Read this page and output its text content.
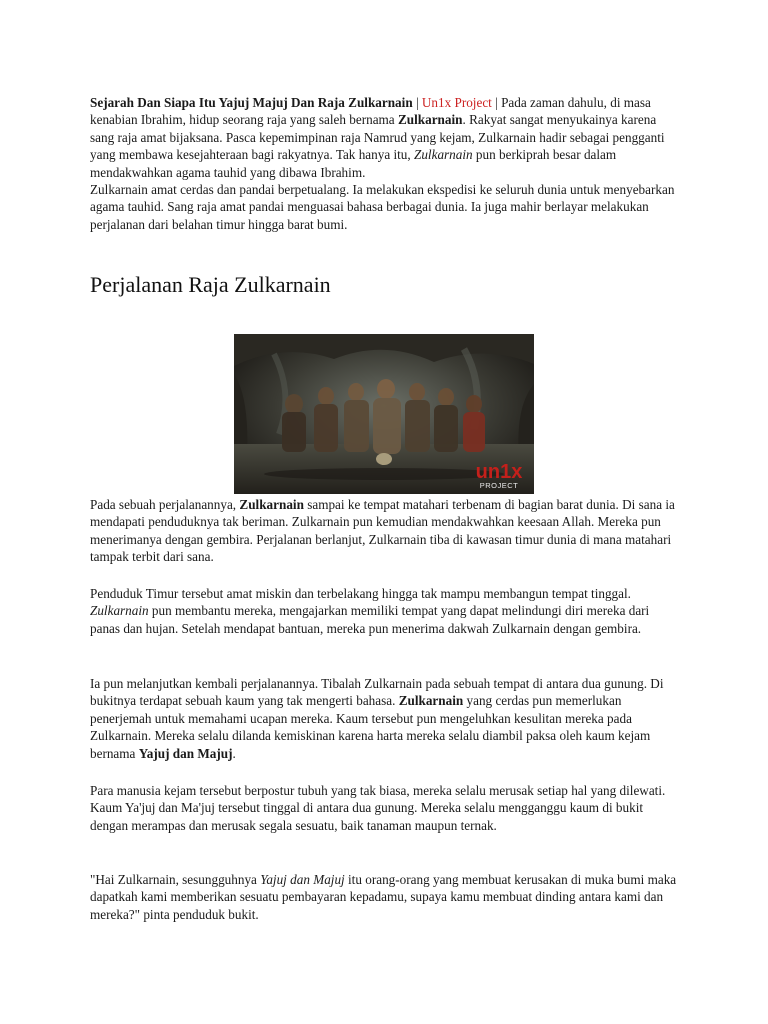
Sejarah Dan Siapa Itu Yajuj Majuj Dan Raja Zulkarnain | Un1x Project | Pada zaman dahulu, di masa kenabian Ibrahim, hidup seorang raja yang saleh bernama Zulkarnain. Rakyat sangat menyukainya karena sang raja amat bijaksana. Pasca kepemimpinan raja Namrud yang kejam, Zulkarnain hadir sebagai pengganti yang membawa kesejahteraan bagi rakyatnya. Tak hanya itu, Zulkarnain pun berkiprah besar dalam mendakwahkan agama tauhid yang dibawa Ibrahim.

Zulkarnain amat cerdas dan pandai berpetualang. Ia melakukan ekspedisi ke seluruh dunia untuk menyebarkan agama tauhid. Sang raja amat pandai menguasai bahasa berbagai dunia. Ia juga mahir berlayar melakukan perjalanan dari belahan timur hingga barat bumi.

Perjalanan Raja Zulkarnain
un1x
PROJECT

Pada sebuah perjalanannya, Zulkarnain sampai ke tempat matahari terbenam di bagian barat dunia. Di sana ia mendapati penduduknya tak beriman. Zulkarnain pun kemudian mendakwahkan keesaan Allah. Mereka pun menerimanya dengan gembira. Perjalanan berlanjut, Zulkarnain tiba di kawasan timur dunia di mana matahari tampak terbit dari sana.

Penduduk Timur tersebut amat miskin dan terbelakang hingga tak mampu membangun tempat tinggal. Zulkarnain pun membantu mereka, mengajarkan memiliki tempat yang dapat melindungi diri mereka dari panas dan hujan. Setelah mendapat bantuan, mereka pun menerima dakwah Zulkarnain dengan gembira.

Ia pun melanjutkan kembali perjalanannya. Tibalah Zulkarnain pada sebuah tempat di antara dua gunung. Di bukitnya terdapat sebuah kaum yang tak mengerti bahasa. Zulkarnain yang cerdas pun memerlukan penerjemah untuk memahami ucapan mereka. Kaum tersebut pun mengeluhkan kesulitan mereka pada Zulkarnain. Mereka selalu dilanda kemiskinan karena harta mereka selalu diambil paksa oleh kaum kejam bernama Yajuj dan Majuj.

Para manusia kejam tersebut berpostur tubuh yang tak biasa, mereka selalu merusak setiap hal yang dilewati. Kaum Ya'juj dan Ma'juj tersebut tinggal di antara dua gunung. Mereka selalu mengganggu kaum di bukit dengan merampas dan merusak segala sesuatu, baik tanaman maupun ternak.

"Hai Zulkarnain, sesungguhnya Yajuj dan Majuj itu orang-orang yang membuat kerusakan di muka bumi maka dapatkah kami memberikan sesuatu pembayaran kepadamu, supaya kamu membuat dinding antara kami dan mereka?" pinta penduduk bukit.
